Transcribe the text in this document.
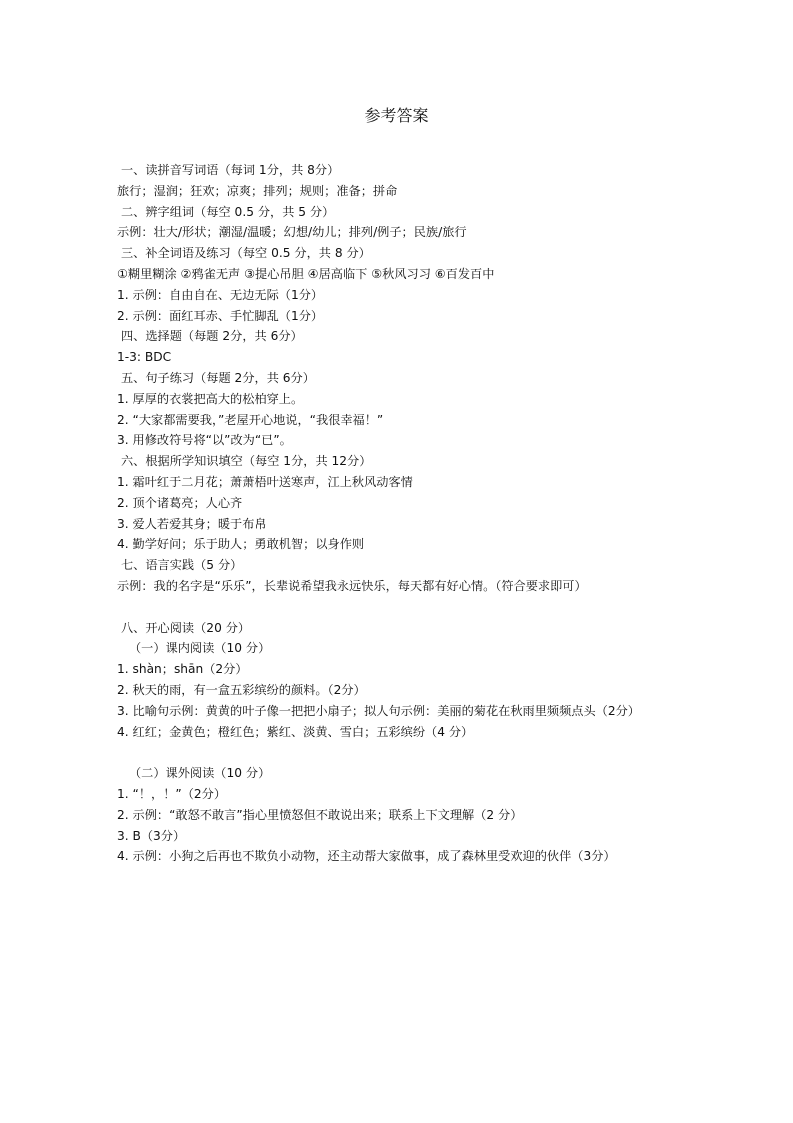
参考答案
一、读拼音写词语（每词 1分，共 8分）
旅行；湿润；狂欢；凉爽；排列；规则；准备；拼命
二、辨字组词（每空 0.5 分，共 5 分）
示例：壮大/形状；潮湿/温暖；幻想/幼儿；排列/例子；民族/旅行
三、补全词语及练习（每空 0.5 分，共 8 分）
①糊里糊涂 ②鸦雀无声 ③提心吊胆 ④居高临下 ⑤秋风习习 ⑥百发百中
1. 示例：自由自在、无边无际（1分）
2. 示例：面红耳赤、手忙脚乱（1分）
四、选择题（每题 2分，共 6分）
1-3: BDC
五、句子练习（每题 2分，共 6分）
1. 厚厚的衣裳把高大的松柏穿上。
2. “大家都需要我，”老屋开心地说，“我很幸福！”
3. 用修改符号将“以”改为“已”。
六、根据所学知识填空（每空 1分，共 12分）
1. 霜叶红于二月花；萧萧梧叶送寒声，江上秋风动客情
2. 顶个诸葛亮；人心齐
3. 爱人若爱其身；暖于布帛
4. 勤学好问；乐于助人；勇敢机智；以身作则
七、语言实践（5 分）
示例：我的名字是“乐乐”，长辈说希望我永远快乐，每天都有好心情。（符合要求即可）
八、开心阅读（20 分）
（一）课内阅读（10 分）
1. shàn；shān（2分）
2. 秋天的雨，有一盒五彩缤纷的颜料。（2分）
3. 比喻句示例：黄黄的叶子像一把把小扇子；拟人句示例：美丽的菊花在秋雨里频频点头（2分）
4. 红红；金黄色；橙红色；紫红、淡黄、雪白；五彩缤纷（4 分）
（二）课外阅读（10 分）
1. “！，！”（2分）
2. 示例：“敢怒不敢言”指心里愤怒但不敢说出来；联系上下文理解（2 分）
3. B（3分）
4. 示例：小狗之后再也不欺负小动物，还主动帮大家做事，成了森林里受欢迎的伙伴（3分）
